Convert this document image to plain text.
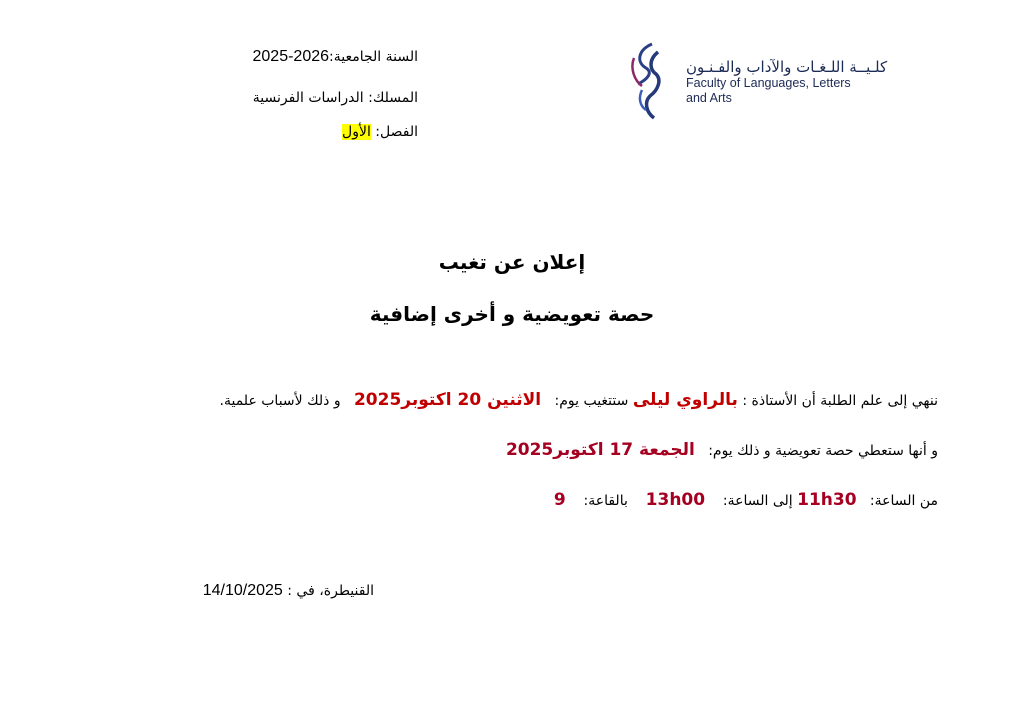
السنة الجامعية:2026-2025
المسلك: الدراسات الفرنسية
الفصل: الأول
كلـيــة اللـغـات والآداب والفـنـون
Faculty of Languages, Letters
and Arts
إعلان عن تغيب
حصة تعويضية و أخرى إضافية
ننهي إلى علم الطلبة أن الأستاذة : بالراوي ليلى ستتغيب يوم:   الاثنين 20 اكتوبر2025   و ذلك لأسباب علمية.
و أنها ستعطي حصة تعويضية و ذلك يوم:   الجمعة 17 اكتوبر2025
من الساعة:   11h30 إلى الساعة:    13h00    بالقاعة:    9
القنيطرة، في : 14/10/2025
